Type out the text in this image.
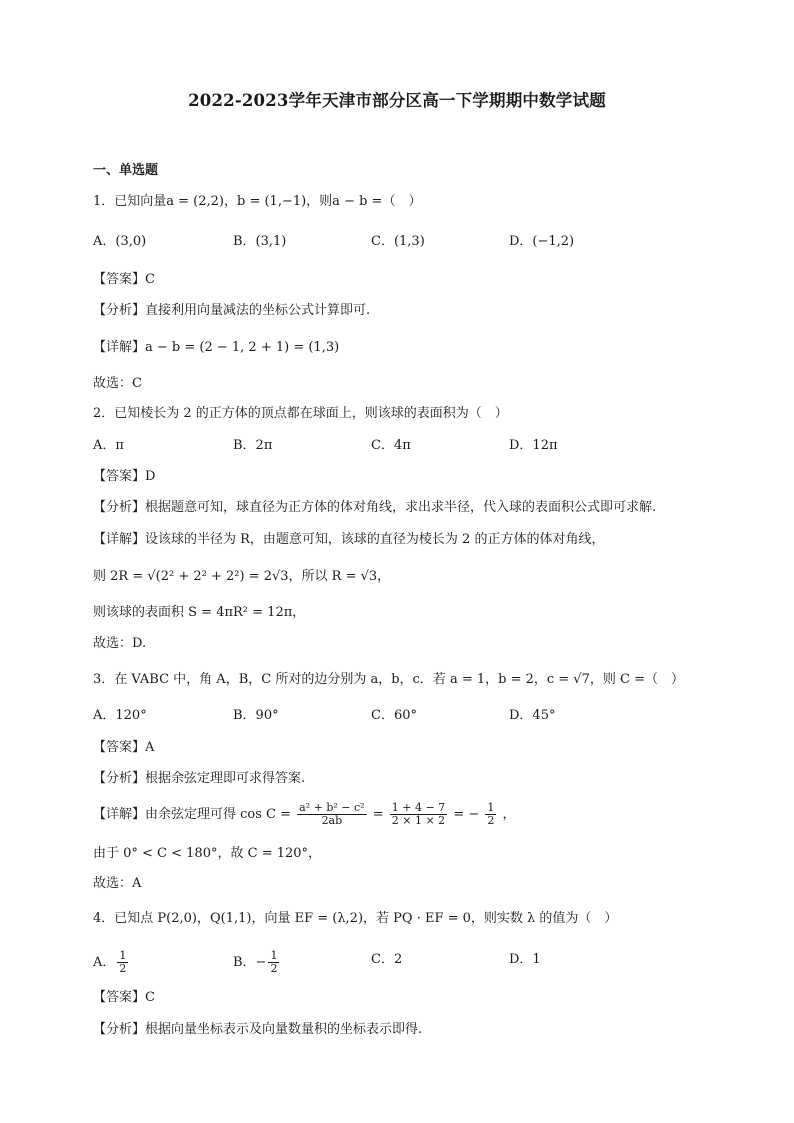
2022-2023学年天津市部分区高一下学期期中数学试题
一、单选题
1．已知向量a = (2,2)，b = (1,−1)，则a − b =（　）
A．(3,0)	B．(3,1)	C．(1,3)	D．(−1,2)
【答案】C
【分析】直接利用向量减法的坐标公式计算即可.
【详解】a − b = (2 − 1, 2 + 1) = (1,3)
故选：C
2．已知棱长为 2 的正方体的顶点都在球面上，则该球的表面积为（　）
A．π	B．2π	C．4π	D．12π
【答案】D
【分析】根据题意可知，球直径为正方体的体对角线，求出求半径，代入球的表面积公式即可求解.
【详解】设该球的半径为 R，由题意可知，该球的直径为棱长为 2 的正方体的体对角线，
则 2R = √(2² + 2² + 2²) = 2√3，所以 R = √3，
则该球的表面积 S = 4πR² = 12π，
故选：D.
3．在 VABC 中，角 A，B，C 所对的边分别为 a，b，c．若 a = 1，b = 2，c = √7，则 C =（　）
A．120°	B．90°	C．60°	D．45°
【答案】A
【分析】根据余弦定理即可求得答案.
【详解】由余弦定理可得 $\cos C = \frac{\text{a² + b² − c²}}{2ab} = \frac{1 + 4 - 7}{2 \times 1 \times 2}$ = − $\frac{1}{2}$ ，
由于 0° < C < 180°，故 C = 120°，
故选：A
4．已知点 P(2,0)，Q(1,1)，向量 EF = (λ,2)，若 PQ · EF = 0，则实数 λ 的值为（　）
A． $\frac{1}{2}$	B．− $\frac{1}{2}$	C．2	D．1
【答案】C
【分析】根据向量坐标表示及向量数量积的坐标表示即得.
